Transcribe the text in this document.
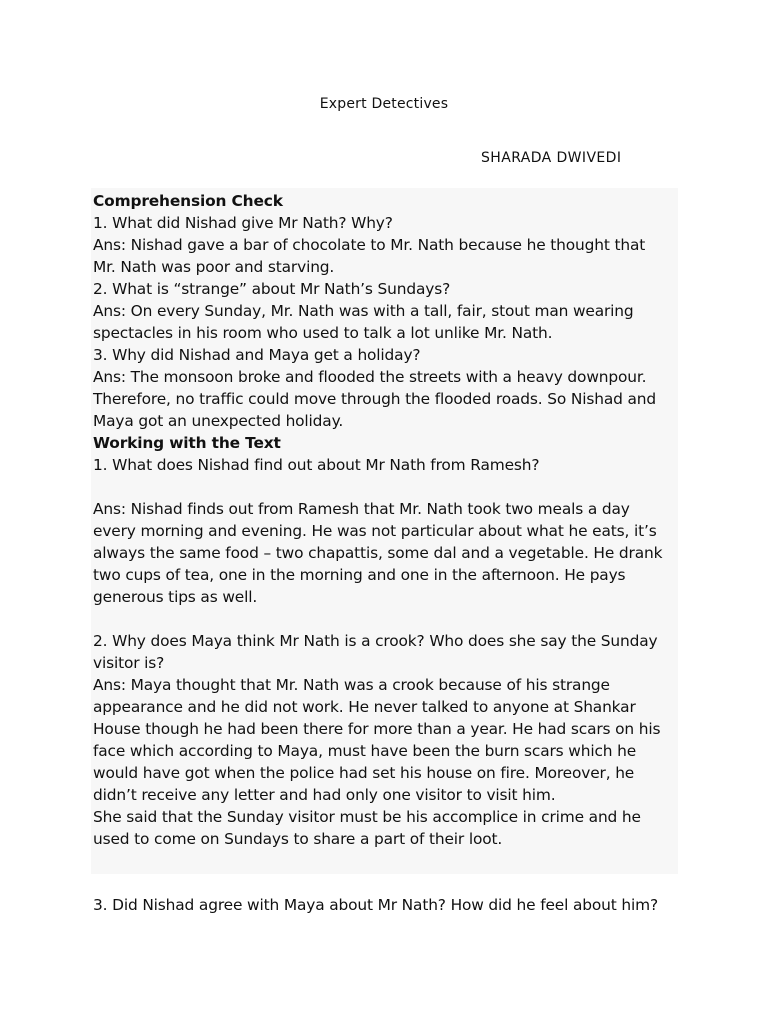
Expert Detectives
SHARADA DWIVEDI
Comprehension Check
1. What did Nishad give Mr Nath? Why?
Ans: Nishad gave a bar of chocolate to Mr. Nath because he thought that
Mr. Nath was poor and starving.
2. What is “strange” about Mr Nath’s Sundays?
Ans: On every Sunday, Mr. Nath was with a tall, fair, stout man wearing
spectacles in his room who used to talk a lot unlike Mr. Nath.
3. Why did Nishad and Maya get a holiday?
Ans: The monsoon broke and flooded the streets with a heavy downpour.
Therefore, no traffic could move through the flooded roads. So Nishad and
Maya got an unexpected holiday.
Working with the Text
1. What does Nishad find out about Mr Nath from Ramesh?
Ans: Nishad finds out from Ramesh that Mr. Nath took two meals a day
every morning and evening. He was not particular about what he eats, it’s
always the same food – two chapattis, some dal and a vegetable. He drank
two cups of tea, one in the morning and one in the afternoon. He pays
generous tips as well.
2. Why does Maya think Mr Nath is a crook? Who does she say the Sunday
visitor is?
Ans: Maya thought that Mr. Nath was a crook because of his strange
appearance and he did not work. He never talked to anyone at Shankar
House though he had been there for more than a year. He had scars on his
face which according to Maya, must have been the burn scars which he
would have got when the police had set his house on fire. Moreover, he
didn’t receive any letter and had only one visitor to visit him.
She said that the Sunday visitor must be his accomplice in crime and he
used to come on Sundays to share a part of their loot.
3. Did Nishad agree with Maya about Mr Nath? How did he feel about him?
